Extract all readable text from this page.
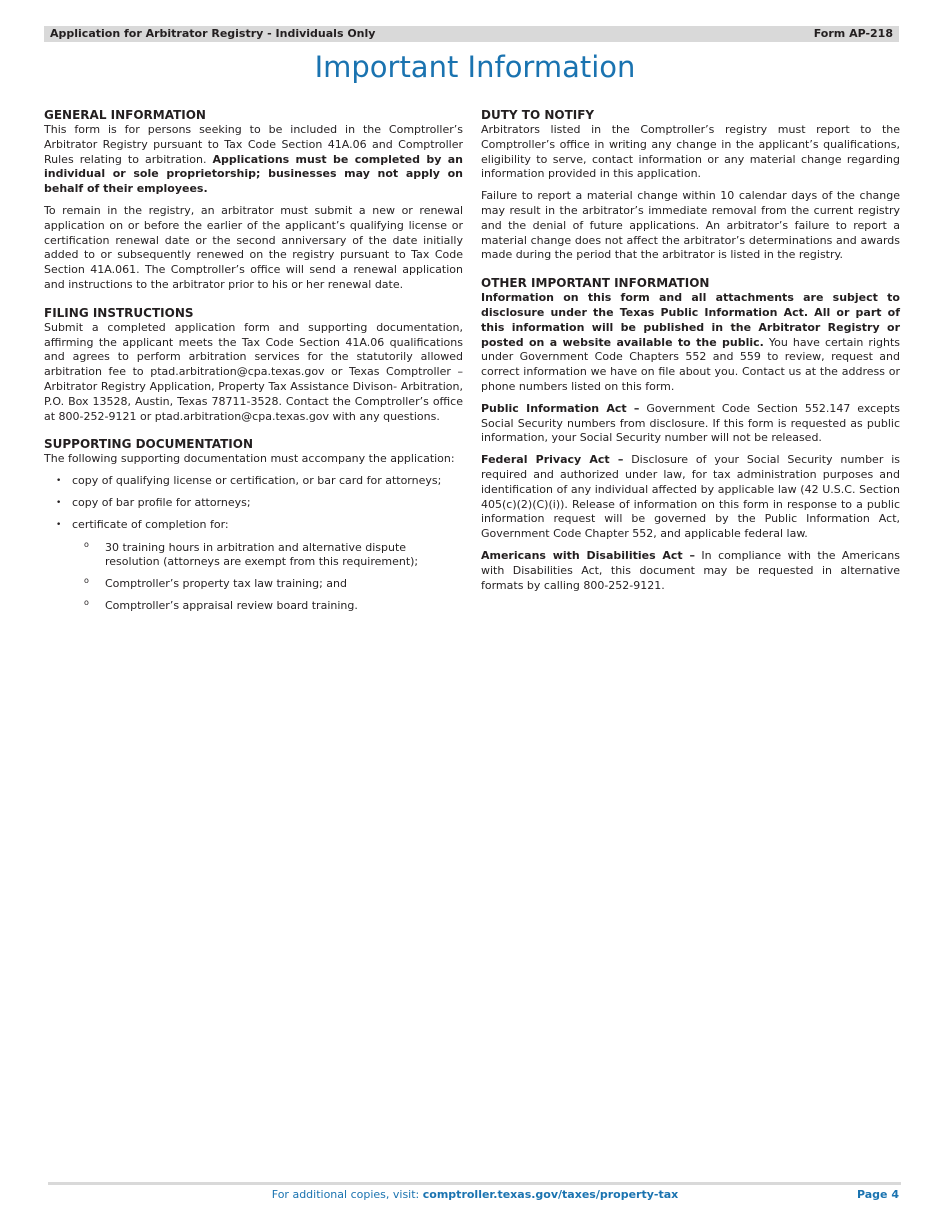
Application for Arbitrator Registry - Individuals Only	Form AP-218
Important Information

GENERAL INFORMATION

This form is for persons seeking to be included in the Comptroller’s Arbitrator Registry pursuant to Tax Code Section 41A.06 and Comptroller Rules relating to arbitration. Applications must be completed by an individual or sole proprietorship; businesses may not apply on behalf of their employees.

To remain in the registry, an arbitrator must submit a new or renewal application on or before the earlier of the applicant’s qualifying license or certification renewal date or the second anniversary of the date initially added to or subsequently renewed on the registry pursuant to Tax Code Section 41A.061. The Comptroller’s office will send a renewal application and instructions to the arbitrator prior to his or her renewal date.

FILING INSTRUCTIONS

Submit a completed application form and supporting documentation, affirming the applicant meets the Tax Code Section 41A.06 qualifications and agrees to perform arbitration services for the statutorily allowed arbitration fee to ptad.arbitration@cpa.texas.gov or Texas Comptroller – Arbitrator Registry Application, Property Tax Assistance Divison- Arbitration, P.O. Box 13528, Austin, Texas 78711-3528. Contact the Comptroller’s office at 800-252-9121 or ptad.arbitration@cpa.texas.gov with any questions.

SUPPORTING DOCUMENTATION

The following supporting documentation must accompany the application:

• copy of qualifying license or certification, or bar card for attorneys;
• copy of bar profile for attorneys;
• certificate of completion for:
o 30 training hours in arbitration and alternative dispute resolution (attorneys are exempt from this requirement);
o Comptroller’s property tax law training; and
o Comptroller’s appraisal review board training.

DUTY TO NOTIFY

Arbitrators listed in the Comptroller’s registry must report to the Comptroller’s office in writing any change in the applicant’s qualifications, eligibility to serve, contact information or any material change regarding information provided in this application.

Failure to report a material change within 10 calendar days of the change may result in the arbitrator’s immediate removal from the current registry and the denial of future applications. An arbitrator’s failure to report a material change does not affect the arbitrator’s determinations and awards made during the period that the arbitrator is listed in the registry.

OTHER IMPORTANT INFORMATION

Information on this form and all attachments are subject to disclosure under the Texas Public Information Act. All or part of this information will be published in the Arbitrator Registry or posted on a website available to the public. You have certain rights under Government Code Chapters 552 and 559 to review, request and correct information we have on file about you. Contact us at the address or phone numbers listed on this form.

Public Information Act – Government Code Section 552.147 excepts Social Security numbers from disclosure. If this form is requested as public information, your Social Security number will not be released.

Federal Privacy Act – Disclosure of your Social Security number is required and authorized under law, for tax administration purposes and identification of any individual affected by applicable law (42 U.S.C. Section 405(c)(2)(C)(i)). Release of information on this form in response to a public information request will be governed by the Public Information Act, Government Code Chapter 552, and applicable federal law.

Americans with Disabilities Act – In compliance with the Americans with Disabilities Act, this document may be requested in alternative formats by calling 800-252-9121.

For additional copies, visit: comptroller.texas.gov/taxes/property-tax	Page 4
